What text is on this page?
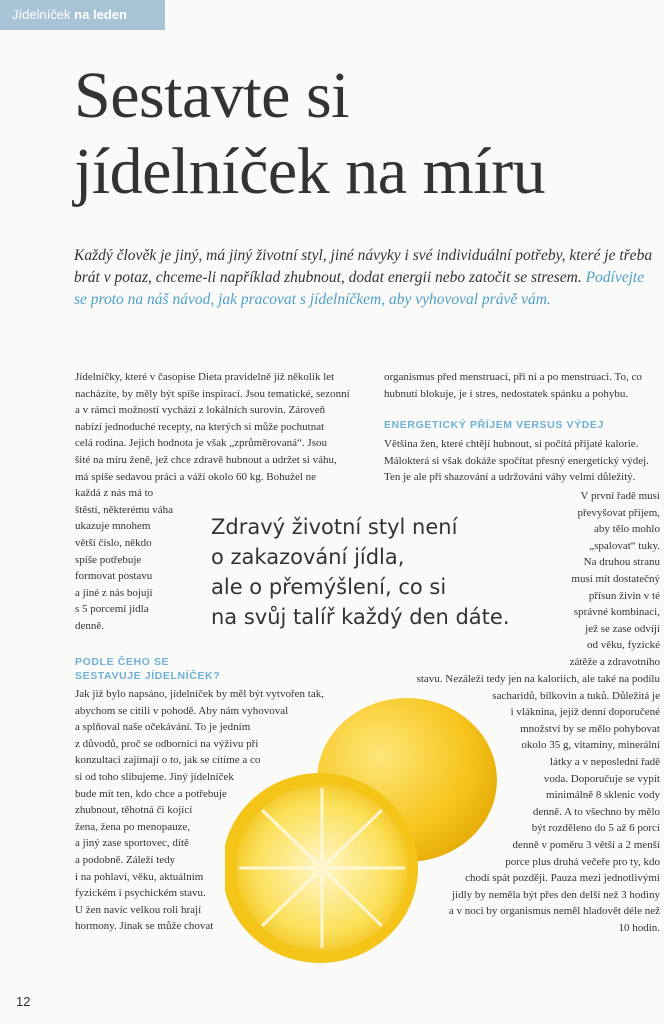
Jídelníček na leden
Sestavte si
jídelníček na míru

Každý člověk je jiný, má jiný životní styl, jiné návyky i své individuální potřeby, které je třeba brát v potaz, chceme-li například zhubnout, dodat energii nebo zatočit se stresem. Podívejte se proto na náš návod, jak pracovat s jídelníčkem, aby vyhovoval právě vám.

Jídelníčky, které v časopise Dieta pravidelně již několik let
nacházíte, by měly být spíše inspirací. Jsou tematické, sezonní
a v rámci možností vychází z lokálních surovin. Zároveň
nabízí jednoduché recepty, na kterých si může pochutnat
celá rodina. Jejich hodnota je však „zprůměrovaná“. Jsou
šité na míru ženě, jež chce zdravě hubnout a udržet si váhu,
má spíše sedavou práci a váží okolo 60 kg. Bohužel ne
každá z nás má to
štěstí, některému váha
ukazuje mnohem
větší číslo, někdo
spíše potřebuje
formovat postavu
a jiné z nás bojují
s 5 porcemi jídla
denně.
PODLE ČEHO SE
SESTAVUJE JÍDELNÍČEK?
Jak již bylo napsáno, jídelníček by měl být vytvořen tak,
abychom se cítili v pohodě. Aby nám vyhovoval
a splňoval naše očekávání. To je jedním
z důvodů, proč se odborníci na výživu při
konzultaci zajímají o to, jak se cítíme a co
si od toho slibujeme. Jiný jídelníček
bude mít ten, kdo chce a potřebuje
zhubnout, těhotná či kojící
žena, žena po menopauze,
a jiný zase sportovec, dítě
a podobně. Záleží tedy
i na pohlaví, věku, aktuálním
fyzickém i psychickém stavu.
U žen navíc velkou roli hrají
hormony. Jinak se může chovat
organismus před menstruací, při ní a po menstruaci. To, co
hubnutí blokuje, je i stres, nedostatek spánku a pohybu.
ENERGETICKÝ PŘÍJEM VERSUS VÝDEJ
Většina žen, které chtějí hubnout, si počítá přijaté kalorie.
Málokterá si však dokáže spočítat přesný energetický výdej.
Ten je ale při shazování a udržování váhy velmi důležitý.
V první řadě musí
převyšovat příjem,
aby tělo mohlo
„spalovat“ tuky.
Na druhou stranu
musí mít dostatečný
přísun živin v té
správné kombinaci,
jež se zase odvíjí
od věku, fyzické
zátěže a zdravotního
stavu. Nezáleží tedy jen na kaloriích, ale také na podílu
sacharidů, bílkovin a tuků. Důležitá je
i vláknina, jejíž denní doporučené
množství by se mělo pohybovat
okolo 35 g, vitaminy, minerální
látky a v neposlední řadě
voda. Doporučuje se vypít
minimálně 8 sklenic vody
denně. A to všechno by mělo
být rozděleno do 5 až 6 porcí
denně v poměru 3 větší a 2 menší
porce plus druhá večeře pro ty, kdo
chodí spát později. Pauza mezi jednotlivými
jídly by neměla být přes den delší než 3 hodiny
a v noci by organismus neměl hladovět déle než
10 hodin.
Zdravý životní styl není
o zakazování jídla,
ale o přemýšlení, co si
na svůj talíř každý den dáte.
12
